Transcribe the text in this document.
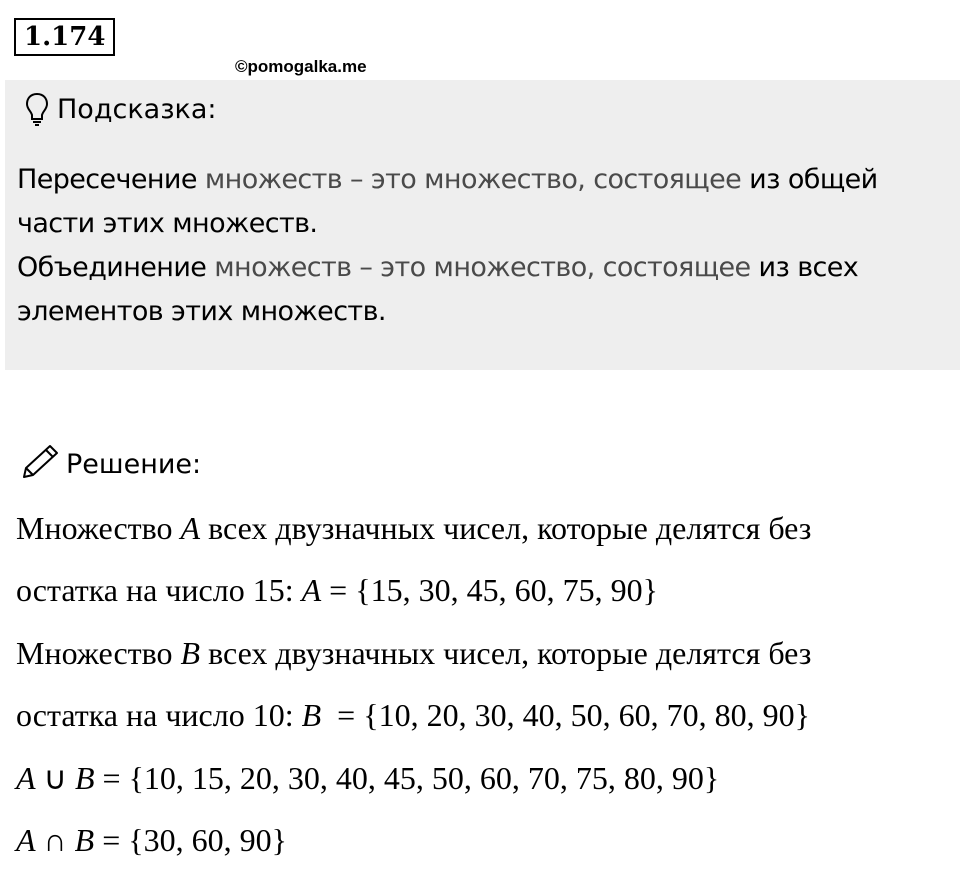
1.174
©pomogalka.me
Подсказка:

Пересечение множеств – это множество, состоящее из общей части этих множеств.

Объединение множеств – это множество, состоящее из всех элементов этих множеств.

Решение:
Множество A всех двузначных чисел, которые делятся без
остатка на число 15: A = {15, 30, 45, 60, 75, 90}
Множество B всех двузначных чисел, которые делятся без
остатка на число 10: B  = {10, 20, 30, 40, 50, 60, 70, 80, 90}
A ∪ B = {10, 15, 20, 30, 40, 45, 50, 60, 70, 75, 80, 90}
A ∩ B = {30, 60, 90}
